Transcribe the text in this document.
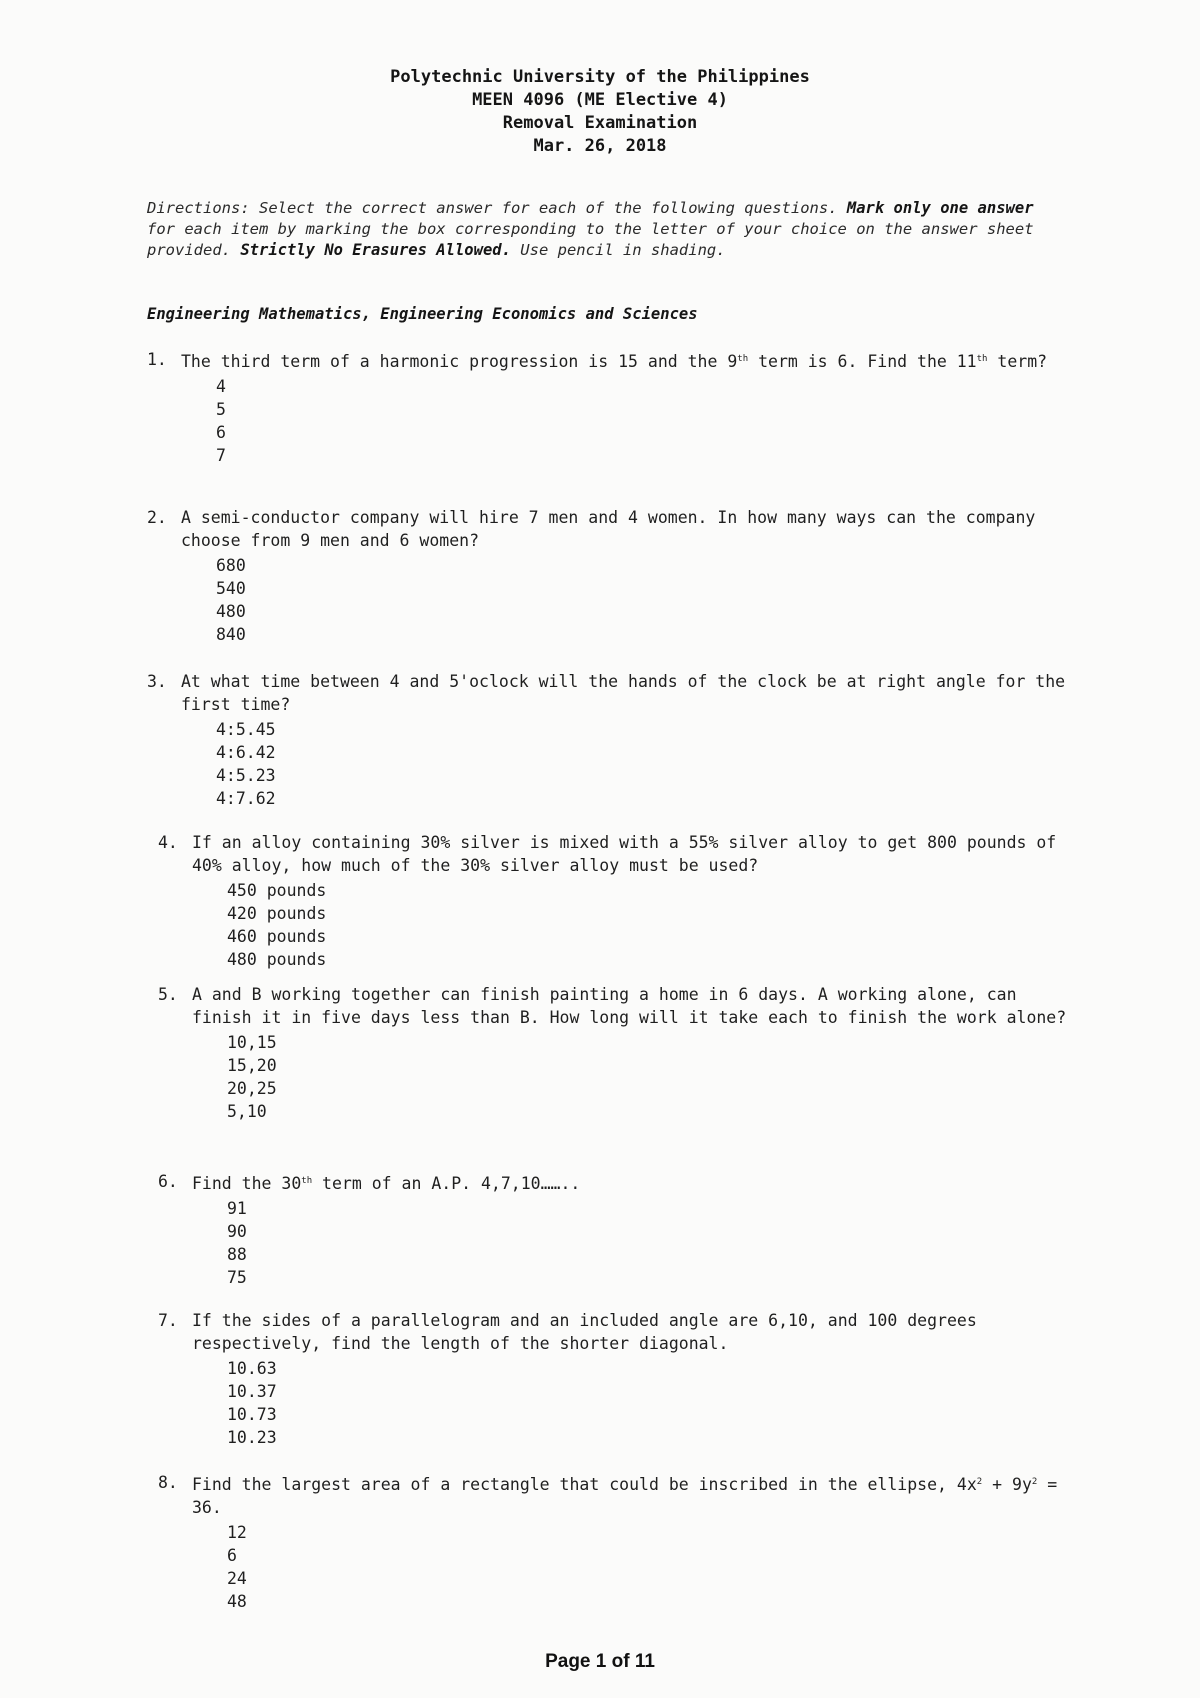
Polytechnic University of the Philippines
MEEN 4096 (ME Elective 4)
Removal Examination
Mar. 26, 2018
Directions: Select the correct answer for each of the following questions. Mark only one answer for each item by marking the box corresponding to the letter of your choice on the answer sheet provided. Strictly No Erasures Allowed. Use pencil in shading.
Engineering Mathematics, Engineering Economics and Sciences
1. The third term of a harmonic progression is 15 and the 9th term is 6. Find the 11th term?
4
5
6
7
2. A semi-conductor company will hire 7 men and 4 women. In how many ways can the company choose from 9 men and 6 women?
680
540
480
840
3. At what time between 4 and 5'oclock will the hands of the clock be at right angle for the first time?
4:5.45
4:6.42
4:5.23
4:7.62
4. If an alloy containing 30% silver is mixed with a 55% silver alloy to get 800 pounds of 40% alloy, how much of the 30% silver alloy must be used?
450 pounds
420 pounds
460 pounds
480 pounds
5. A and B working together can finish painting a home in 6 days. A working alone, can finish it in five days less than B. How long will it take each to finish the work alone?
10,15
15,20
20,25
5,10
6. Find the 30th term of an A.P. 4,7,10……..
91
90
88
75
7. If the sides of a parallelogram and an included angle are 6,10, and 100 degrees respectively, find the length of the shorter diagonal.
10.63
10.37
10.73
10.23
8. Find the largest area of a rectangle that could be inscribed in the ellipse, $4x^2 + 9y^2 = 36$.
12
6
24
48
Page 1 of 11
